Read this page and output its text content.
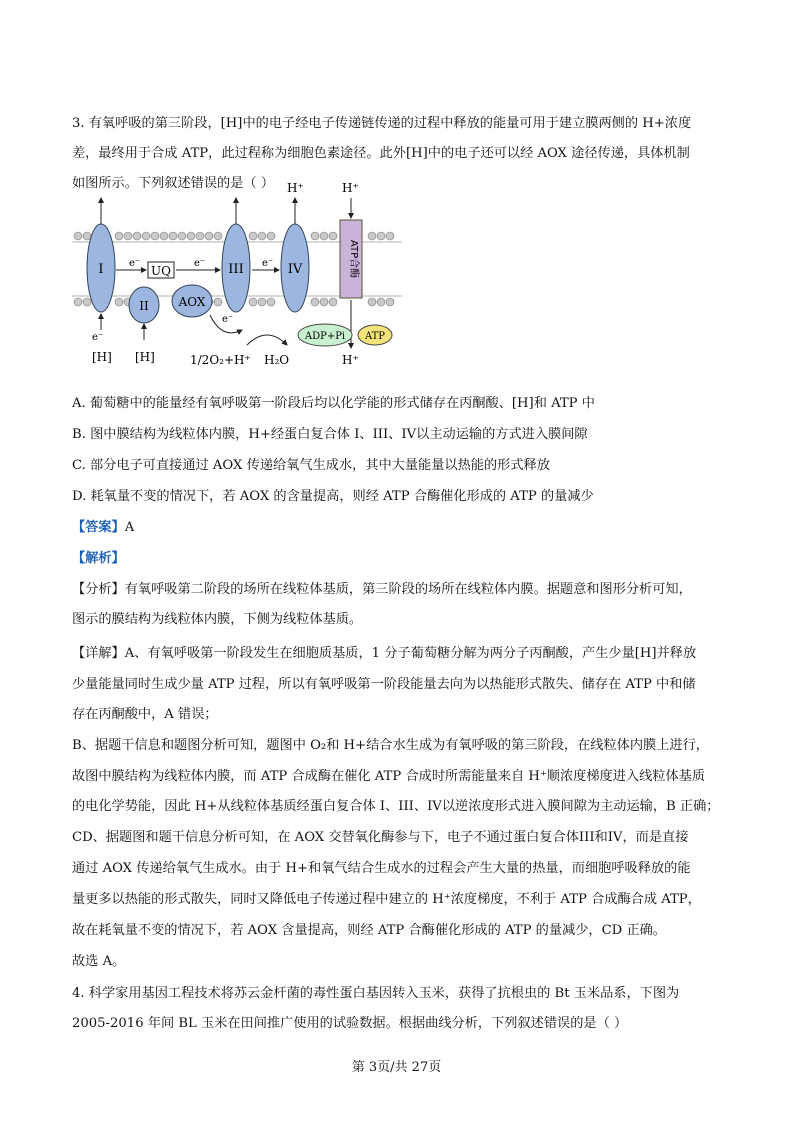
3. 有氧呼吸的第三阶段，[H]中的电子经电子传递链传递的过程中释放的能量可用于建立膜两侧的 H+浓度
差，最终用于合成 ATP，此过程称为细胞色素途径。此外[H]中的电子还可以经 AOX 途径传递，具体机制
如图所示。下列叙述错误的是（ ）
ATP合酶
I
II
UQ
AOX
III	IV
e⁻	e⁻	e⁻
e⁻
e⁻
[H] [H]	1/2O₂+H⁺ H₂O
H⁺	H⁺
H⁺
ADP+Pi ATP
A. 葡萄糖中的能量经有氧呼吸第一阶段后均以化学能的形式储存在丙酮酸、[H]和 ATP 中
B. 图中膜结构为线粒体内膜，H+经蛋白复合体 I、III、IV以主动运输的方式进入膜间隙
C. 部分电子可直接通过 AOX 传递给氧气生成水，其中大量能量以热能的形式释放
D. 耗氧量不变的情况下，若 AOX 的含量提高，则经 ATP 合酶催化形成的 ATP 的量减少
【答案】A
【解析】
【分析】有氧呼吸第二阶段的场所在线粒体基质，第三阶段的场所在线粒体内膜。据题意和图形分析可知，
图示的膜结构为线粒体内膜，下侧为线粒体基质。
【详解】A、有氧呼吸第一阶段发生在细胞质基质，1 分子葡萄糖分解为两分子丙酮酸，产生少量[H]并释放
少量能量同时生成少量 ATP 过程，所以有氧呼吸第一阶段能量去向为以热能形式散失、储存在 ATP 中和储
存在丙酮酸中，A 错误；
B、据题干信息和题图分析可知，题图中 O₂和 H+结合水生成为有氧呼吸的第三阶段，在线粒体内膜上进行，
故图中膜结构为线粒体内膜，而 ATP 合成酶在催化 ATP 合成时所需能量来自 H⁺顺浓度梯度进入线粒体基质
的电化学势能，因此 H+从线粒体基质经蛋白复合体 I、III、IV以逆浓度形式进入膜间隙为主动运输，B 正确；
CD、据题图和题干信息分析可知，在 AOX 交替氧化酶参与下，电子不通过蛋白复合体III和IV，而是直接
通过 AOX 传递给氧气生成水。由于 H+和氧气结合生成水的过程会产生大量的热量，而细胞呼吸释放的能
量更多以热能的形式散失，同时又降低电子传递过程中建立的 H⁺浓度梯度，不利于 ATP 合成酶合成 ATP，
故在耗氧量不变的情况下，若 AOX 含量提高，则经 ATP 合酶催化形成的 ATP 的量减少，CD 正确。
故选 A。
4. 科学家用基因工程技术将苏云金杆菌的毒性蛋白基因转入玉米，获得了抗根虫的 Bt 玉米品系，下图为
2005-2016 年间 BL 玉米在田间推广使用的试验数据。根据曲线分析，下列叙述错误的是（ ）
第 3页/共 27页
